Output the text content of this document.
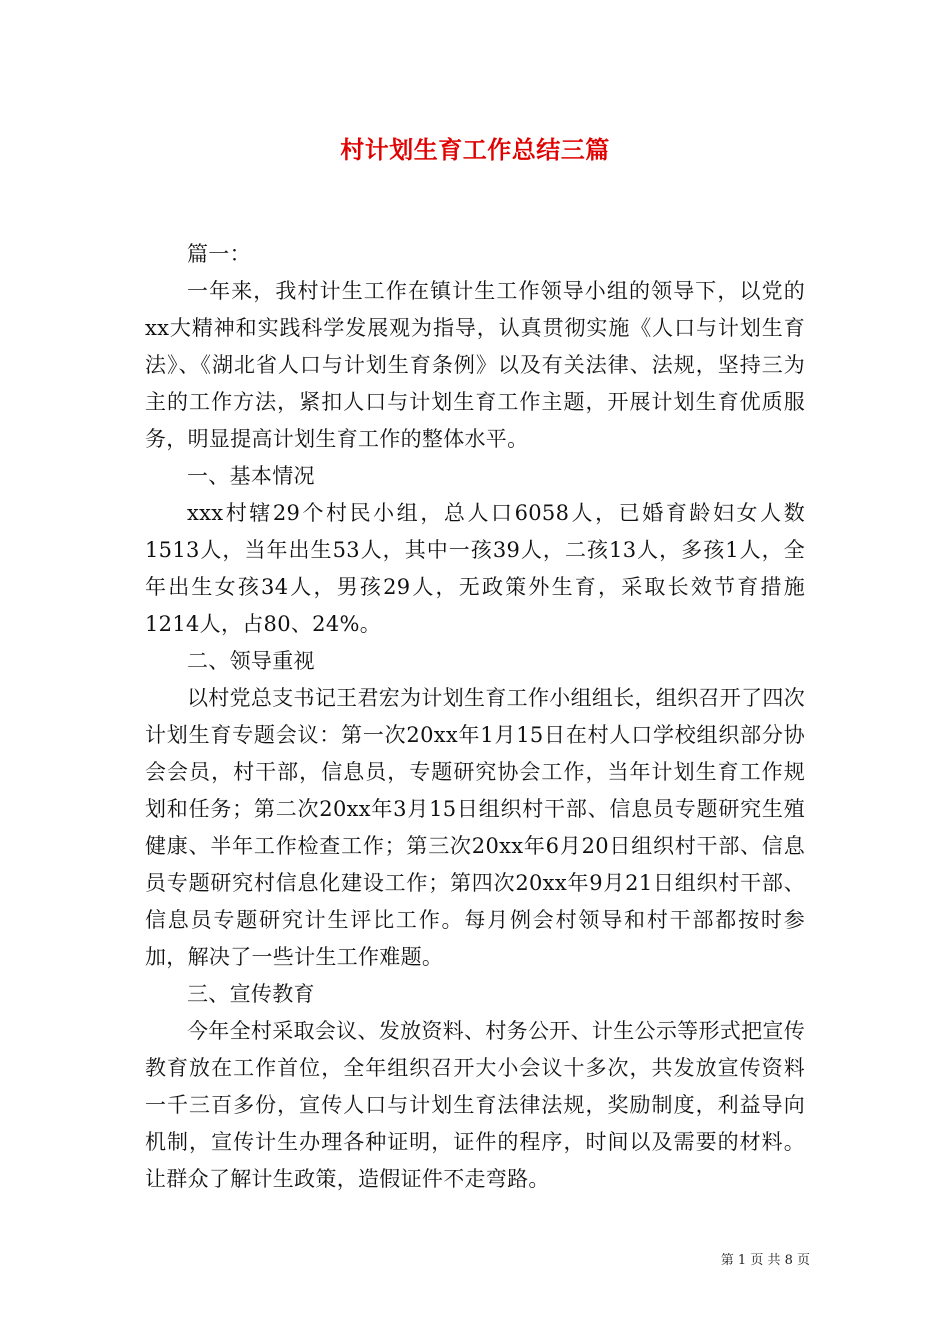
村计划生育工作总结三篇

篇一：

一年来，我村计生工作在镇计生工作领导小组的领导下，以党的xx大精神和实践科学发展观为指导，认真贯彻实施《人口与计划生育法》、《湖北省人口与计划生育条例》以及有关法律、法规，坚持三为主的工作方法，紧扣人口与计划生育工作主题，开展计划生育优质服务，明显提高计划生育工作的整体水平。

一、基本情况

xxx村辖29个村民小组，总人口6058人，已婚育龄妇女人数1513人，当年出生53人，其中一孩39人，二孩13人，多孩1人，全年出生女孩34人，男孩29人，无政策外生育，采取长效节育措施1214人，占80、24%。

二、领导重视

以村党总支书记王君宏为计划生育工作小组组长，组织召开了四次计划生育专题会议：第一次20xx年1月15日在村人口学校组织部分协会会员，村干部，信息员，专题研究协会工作，当年计划生育工作规划和任务；第二次20xx年3月15日组织村干部、信息员专题研究生殖健康、半年工作检查工作；第三次20xx年6月20日组织村干部、信息员专题研究村信息化建设工作；第四次20xx年9月21日组织村干部、信息员专题研究计生评比工作。每月例会村领导和村干部都按时参加，解决了一些计生工作难题。

三、宣传教育

今年全村采取会议、发放资料、村务公开、计生公示等形式把宣传教育放在工作首位，全年组织召开大小会议十多次，共发放宣传资料一千三百多份，宣传人口与计划生育法律法规，奖励制度，利益导向机制，宣传计生办理各种证明，证件的程序，时间以及需要的材料。让群众了解计生政策，造假证件不走弯路。

第 1 页 共 8 页
